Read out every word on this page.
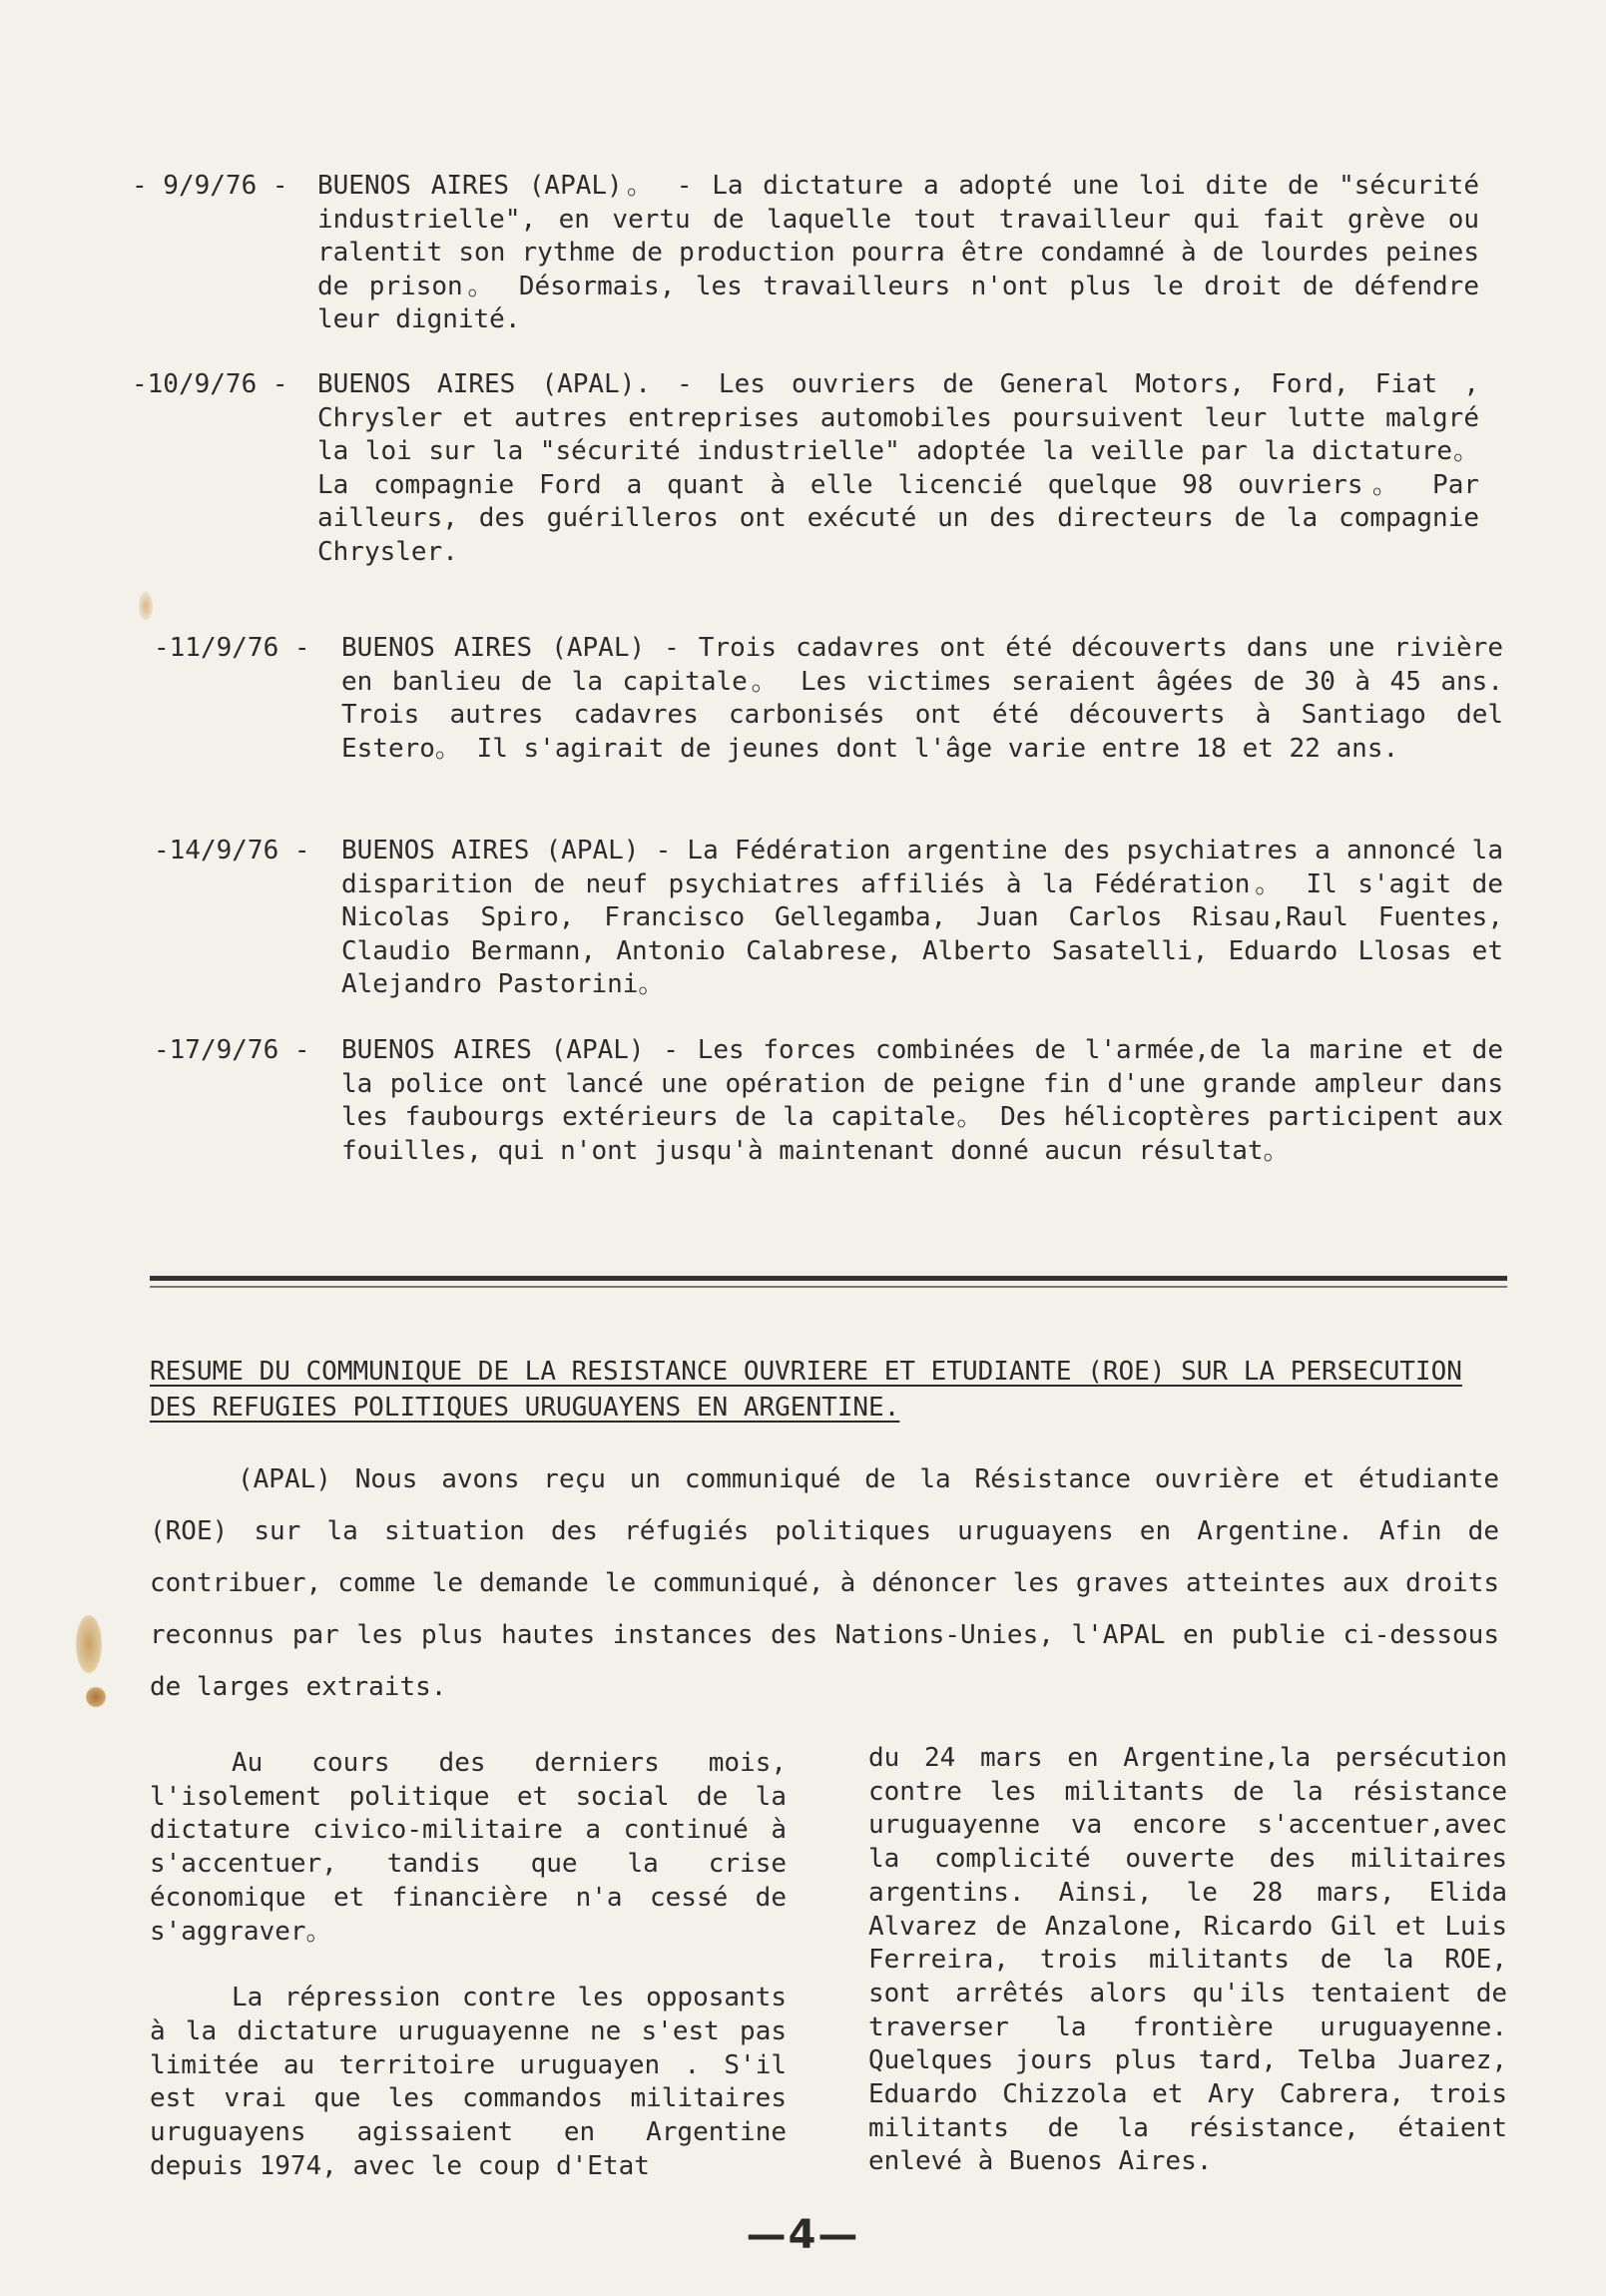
- 9/9/76 - BUENOS AIRES (APAL)。 - La dictature a adopté une loi dite de "sécurité industrielle", en vertu de laquelle tout travailleur qui fait grève ou ralentit son rythme de production pourra être condamné à de lourdes peines de prison。 Désormais, les travailleurs n'ont plus le droit de défendre leur dignité.
-10/9/76 - BUENOS AIRES (APAL). - Les ouvriers de General Motors, Ford, Fiat , Chrysler et autres entreprises automobiles poursuivent leur lutte malgré la loi sur la "sécurité industrielle" adoptée la veille par la dictature。 La compagnie Ford a quant à elle licencié quelque 98 ouvriers。 Par ailleurs, des guérilleros ont exécuté un des directeurs de la compagnie Chrysler.
-11/9/76 - BUENOS AIRES (APAL) - Trois cadavres ont été découverts dans une rivière en banlieu de la capitale。 Les victimes seraient âgées de 30 à 45 ans. Trois autres cadavres carbonisés ont été découverts à Santiago del Estero。 Il s'agirait de jeunes dont l'âge varie entre 18 et 22 ans.
-14/9/76 - BUENOS AIRES (APAL) - La Fédération argentine des psychiatres a annoncé la disparition de neuf psychiatres affiliés à la Fédération。 Il s'agit de Nicolas Spiro, Francisco Gellegamba, Juan Carlos Risau,Raul Fuentes, Claudio Bermann, Antonio Calabrese, Alberto Sasatelli, Eduardo Llosas et Alejandro Pastorini。
-17/9/76 - BUENOS AIRES (APAL) - Les forces combinées de l'armée,de la marine et de la police ont lancé une opération de peigne fin d'une grande ampleur dans les faubourgs extérieurs de la capitale。 Des hélicoptères participent aux fouilles, qui n'ont jusqu'à maintenant donné aucun résultat。
RESUME DU COMMUNIQUE DE LA RESISTANCE OUVRIERE ET ETUDIANTE (ROE) SUR LA PERSECUTION DES REFUGIES POLITIQUES URUGUAYENS EN ARGENTINE.
(APAL) Nous avons reçu un communiqué de la Résistance ouvrière et étudiante (ROE) sur la situation des réfugiés politiques uruguayens en Argentine. Afin de contribuer, comme le demande le communiqué, à dénoncer les graves atteintes aux droits reconnus par les plus hautes instances des Nations-Unies, l'APAL en publie ci-dessous de larges extraits.

Au cours des derniers mois, l'isolement politique et social de la dictature civico-militaire a continué à s'accentuer, tandis que la crise économique et financière n'a cessé de s'aggraver。

La répression contre les opposants à la dictature uruguayenne ne s'est pas limitée au territoire uruguayen . S'il est vrai que les commandos militaires uruguayens agissaient en Argentine depuis 1974, avec le coup d'Etat

du 24 mars en Argentine,la persécution contre les militants de la résistance uruguayenne va encore s'accentuer,avec la complicité ouverte des militaires argentins. Ainsi, le 28 mars, Elida Alvarez de Anzalone, Ricardo Gil et Luis Ferreira, trois militants de la ROE, sont arrêtés alors qu'ils tentaient de traverser la frontière uruguayenne. Quelques jours plus tard, Telba Juarez, Eduardo Chizzola et Ary Cabrera, trois militants de la résistance, étaient enlevé à Buenos Aires.

—4—
